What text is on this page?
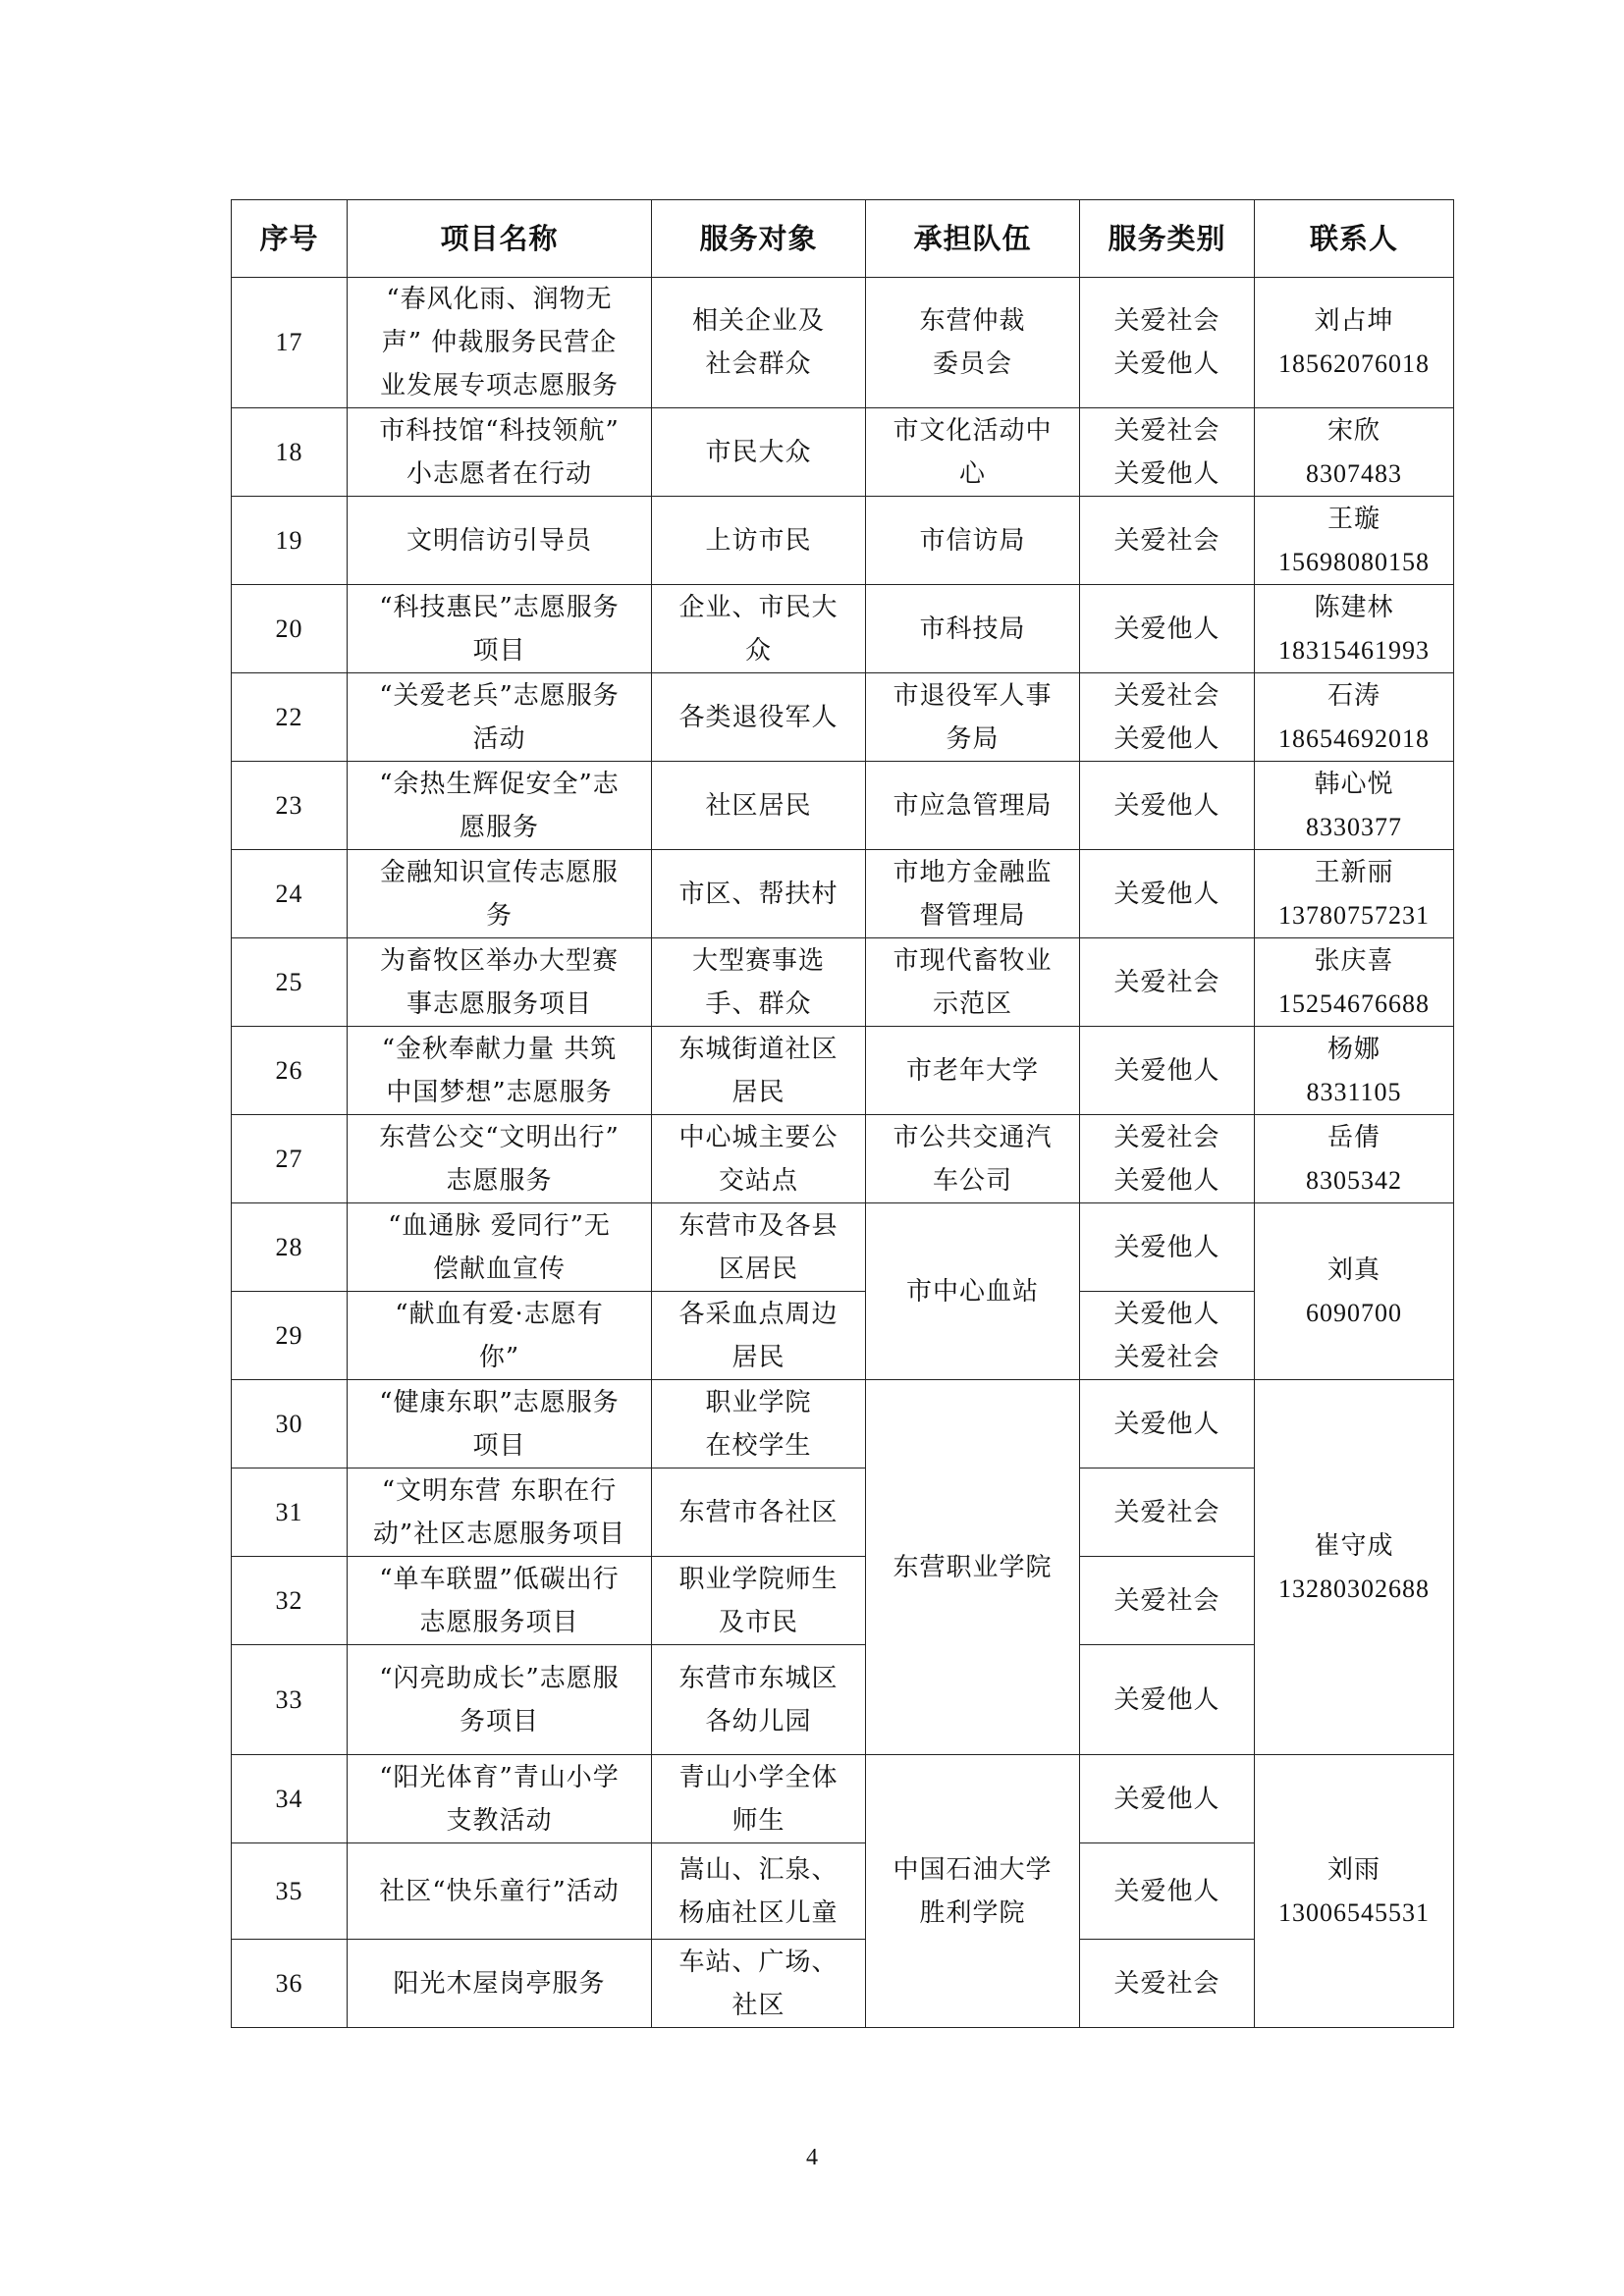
序号	项目名称	服务对象	承担队伍	服务类别	联系人
17	“春风化雨、润物无
声” 仲裁服务民营企
业发展专项志愿服务	相关企业及
社会群众	东营仲裁
委员会	关爱社会
关爱他人	刘占坤
18562076018

18	市科技馆“科技领航”
小志愿者在行动	市民大众	市文化活动中
心	关爱社会
关爱他人	宋欣
8307483

19	文明信访引导员	上访市民	市信访局	关爱社会	王璇
15698080158

20	“科技惠民”志愿服务
项目	企业、市民大
众	市科技局	关爱他人	陈建林
18315461993

22	“关爱老兵”志愿服务
活动	各类退役军人	市退役军人事
务局	关爱社会
关爱他人	石涛
18654692018

23	“余热生辉促安全”志
愿服务	社区居民	市应急管理局	关爱他人	韩心悦
8330377

24	金融知识宣传志愿服
务	市区、帮扶村	市地方金融监
督管理局	关爱他人	王新丽
13780757231

25	为畜牧区举办大型赛
事志愿服务项目	大型赛事选
手、群众	市现代畜牧业
示范区	关爱社会	张庆喜
15254676688

26	“金秋奉献力量 共筑
中国梦想”志愿服务	东城街道社区
居民	市老年大学	关爱他人	杨娜
8331105

27	东营公交“文明出行”
志愿服务	中心城主要公
交站点	市公共交通汽
车公司	关爱社会
关爱他人	岳倩
8305342

28	“血通脉 爱同行”无
偿献血宣传	东营市及各县
区居民	市中心血站	关爱他人	刘真
6090700

29	“献血有爱·志愿有
你”	各采血点周边
居民		关爱他人
关爱社会	

30	“健康东职”志愿服务
项目	职业学院
在校学生	东营职业学院	关爱他人	崔守成
13280302688

31	“文明东营 东职在行
动”社区志愿服务项目	东营市各社区		关爱社会	

32	“单车联盟”低碳出行
志愿服务项目	职业学院师生
及市民		关爱社会	

33	“闪亮助成长”志愿服
务项目	东营市东城区
各幼儿园		关爱他人	

34	“阳光体育”青山小学
支教活动	青山小学全体
师生	中国石油大学
胜利学院	关爱他人	刘雨
13006545531

35	社区“快乐童行”活动	嵩山、汇泉、
杨庙社区儿童		关爱他人	

36	阳光木屋岗亭服务	车站、广场、
社区		关爱社会	
4
